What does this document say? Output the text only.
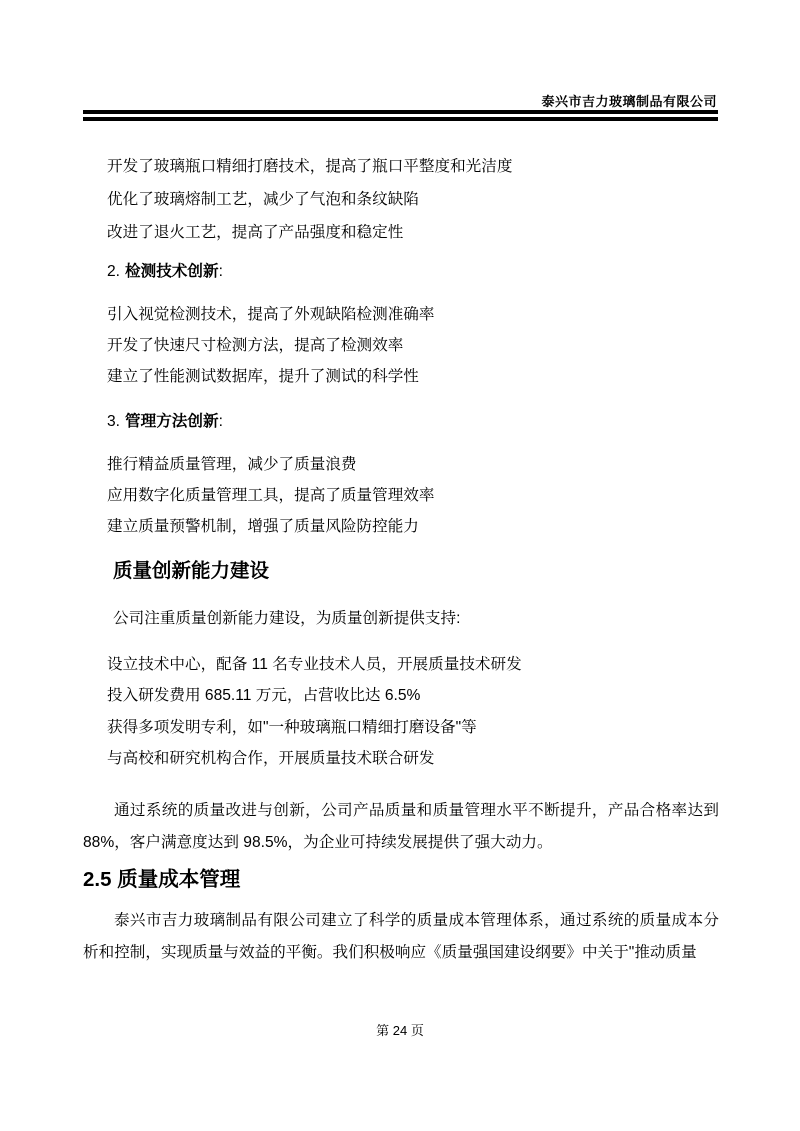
泰兴市吉力玻璃制品有限公司
开发了玻璃瓶口精细打磨技术，提高了瓶口平整度和光洁度
优化了玻璃熔制工艺，减少了气泡和条纹缺陷
改进了退火工艺，提高了产品强度和稳定性
2. 检测技术创新:
引入视觉检测技术，提高了外观缺陷检测准确率
开发了快速尺寸检测方法，提高了检测效率
建立了性能测试数据库，提升了测试的科学性
3. 管理方法创新:
推行精益质量管理，减少了质量浪费
应用数字化质量管理工具，提高了质量管理效率
建立质量预警机制，增强了质量风险防控能力
质量创新能力建设
公司注重质量创新能力建设，为质量创新提供支持:
设立技术中心，配备 11 名专业技术人员，开展质量技术研发
投入研发费用 685.11 万元，占营收比达 6.5%
获得多项发明专利，如"一种玻璃瓶口精细打磨设备"等
与高校和研究机构合作，开展质量技术联合研发
通过系统的质量改进与创新，公司产品质量和质量管理水平不断提升，产品合格率达到 88%，客户满意度达到 98.5%，为企业可持续发展提供了强大动力。
2.5 质量成本管理
泰兴市吉力玻璃制品有限公司建立了科学的质量成本管理体系，通过系统的质量成本分析和控制，实现质量与效益的平衡。我们积极响应《质量强国建设纲要》中关于"推动质量
第 24 页
